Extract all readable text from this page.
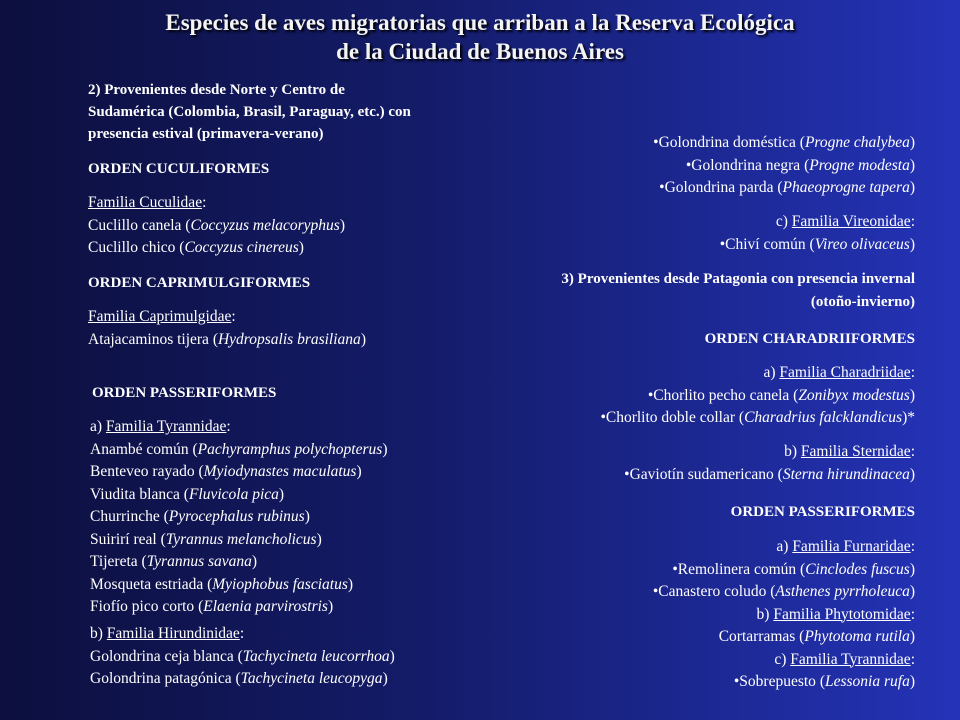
Especies de aves migratorias que arriban a la Reserva Ecológica
de la Ciudad de Buenos Aires
2) Provenientes desde Norte y Centro de
Sudamérica (Colombia, Brasil, Paraguay, etc.) con
presencia estival (primavera-verano)
ORDEN CUCULIFORMES
Familia Cuculidae:
Cuclillo canela (Coccyzus melacoryphus)
Cuclillo chico (Coccyzus cinereus)
ORDEN CAPRIMULGIFORMES
Familia Caprimulgidae:
Atajacaminos tijera (Hydropsalis brasiliana)
ORDEN PASSERIFORMES
a) Familia Tyrannidae:
Anambé común (Pachyramphus polychopterus)
Benteveo rayado (Myiodynastes maculatus)
Viudita blanca (Fluvicola pica)
Churrinche (Pyrocephalus rubinus)
Suirirí real (Tyrannus melancholicus)
Tijereta (Tyrannus savana)
Mosqueta estriada (Myiophobus fasciatus)
Fiofío pico corto (Elaenia parvirostris)
b) Familia Hirundinidae:
Golondrina ceja blanca (Tachycineta leucorrhoa)
Golondrina patagónica (Tachycineta leucopyga)
•Golondrina doméstica (Progne chalybea)
•Golondrina negra (Progne modesta)
•Golondrina parda (Phaeoprogne tapera)
c) Familia Vireonidae:
•Chiví común (Vireo olivaceus)
3) Provenientes desde Patagonia con presencia invernal
(otoño-invierno)
ORDEN CHARADRIIFORMES
a) Familia Charadriidae:
•Chorlito pecho canela (Zonibyx modestus)
•Chorlito doble collar (Charadrius falcklandicus)*
b) Familia Sternidae:
•Gaviotín sudamericano (Sterna hirundinacea)
ORDEN PASSERIFORMES
a) Familia Furnaridae:
•Remolinera común (Cinclodes fuscus)
•Canastero coludo (Asthenes pyrrholeuca)
b) Familia Phytotomidae:
Cortarramas (Phytotoma rutila)
c) Familia Tyrannidae:
•Sobrepuesto (Lessonia rufa)
